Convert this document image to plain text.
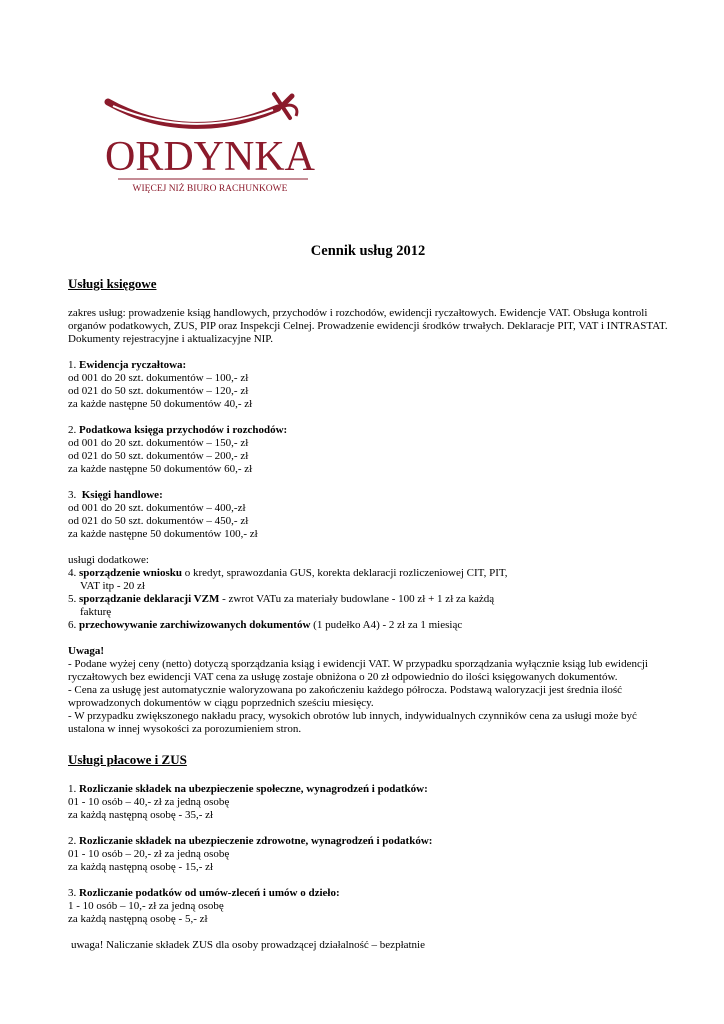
ORDYNKA
WIĘCEJ NIŻ BIURO RACHUNKOWE
Cennik usług 2012
Usługi księgowe

zakres usług: prowadzenie ksiąg handlowych, przychodów i rozchodów, ewidencji ryczałtowych. Ewidencje VAT. Obsługa kontroli organów podatkowych, ZUS, PIP oraz Inspekcji Celnej. Prowadzenie ewidencji środków trwałych. Deklaracje PIT, VAT i INTRASTAT. Dokumenty rejestracyjne i aktualizacyjne NIP.

1. Ewidencja ryczałtowa:

od 001 do 20 szt. dokumentów – 100,- zł

od 021 do 50 szt. dokumentów – 120,- zł

za każde następne 50 dokumentów 40,- zł

2. Podatkowa księga przychodów i rozchodów:

od 001 do 20 szt. dokumentów – 150,- zł

od 021 do 50 szt. dokumentów – 200,- zł

za każde następne 50 dokumentów 60,- zł

3. Księgi handlowe:

od 001 do 20 szt. dokumentów – 400,-zł

od 021 do 50 szt. dokumentów – 450,- zł

za każde następne 50 dokumentów 100,- zł

usługi dodatkowe:

4. sporządzenie wniosku o kredyt, sprawozdania GUS, korekta deklaracji rozliczeniowej CIT, PIT,

VAT itp - 20 zł

5. sporządzanie deklaracji VZM - zwrot VATu za materiały budowlane - 100 zł + 1 zł za każdą

fakturę

6. przechowywanie zarchiwizowanych dokumentów (1 pudełko A4) - 2 zł za 1 miesiąc

Uwaga!

- Podane wyżej ceny (netto) dotyczą sporządzania ksiąg i ewidencji VAT. W przypadku sporządzania wyłącznie ksiąg lub ewidencji ryczałtowych bez ewidencji VAT cena za usługę zostaje obniżona o 20 zł odpowiednio do ilości księgowanych dokumentów.

- Cena za usługę jest automatycznie waloryzowana po zakończeniu każdego półrocza. Podstawą waloryzacji jest średnia ilość wprowadzonych dokumentów w ciągu poprzednich sześciu miesięcy.

- W przypadku zwiększonego nakładu pracy, wysokich obrotów lub innych, indywidualnych czynników cena za usługi może być ustalona w innej wysokości za porozumieniem stron.

Usługi płacowe i ZUS

1. Rozliczanie składek na ubezpieczenie społeczne, wynagrodzeń i podatków:

01 - 10 osób – 40,- zł za jedną osobę

za każdą następną osobę - 35,- zł

2. Rozliczanie składek na ubezpieczenie zdrowotne, wynagrodzeń i podatków:

01 - 10 osób – 20,- zł za jedną osobę

za każdą następną osobę - 15,- zł

3. Rozliczanie podatków od umów-zleceń i umów o dzieło:

1 - 10 osób – 10,- zł za jedną osobę

za każdą następną osobę - 5,- zł

uwaga! Naliczanie składek ZUS dla osoby prowadzącej działalność – bezpłatnie
